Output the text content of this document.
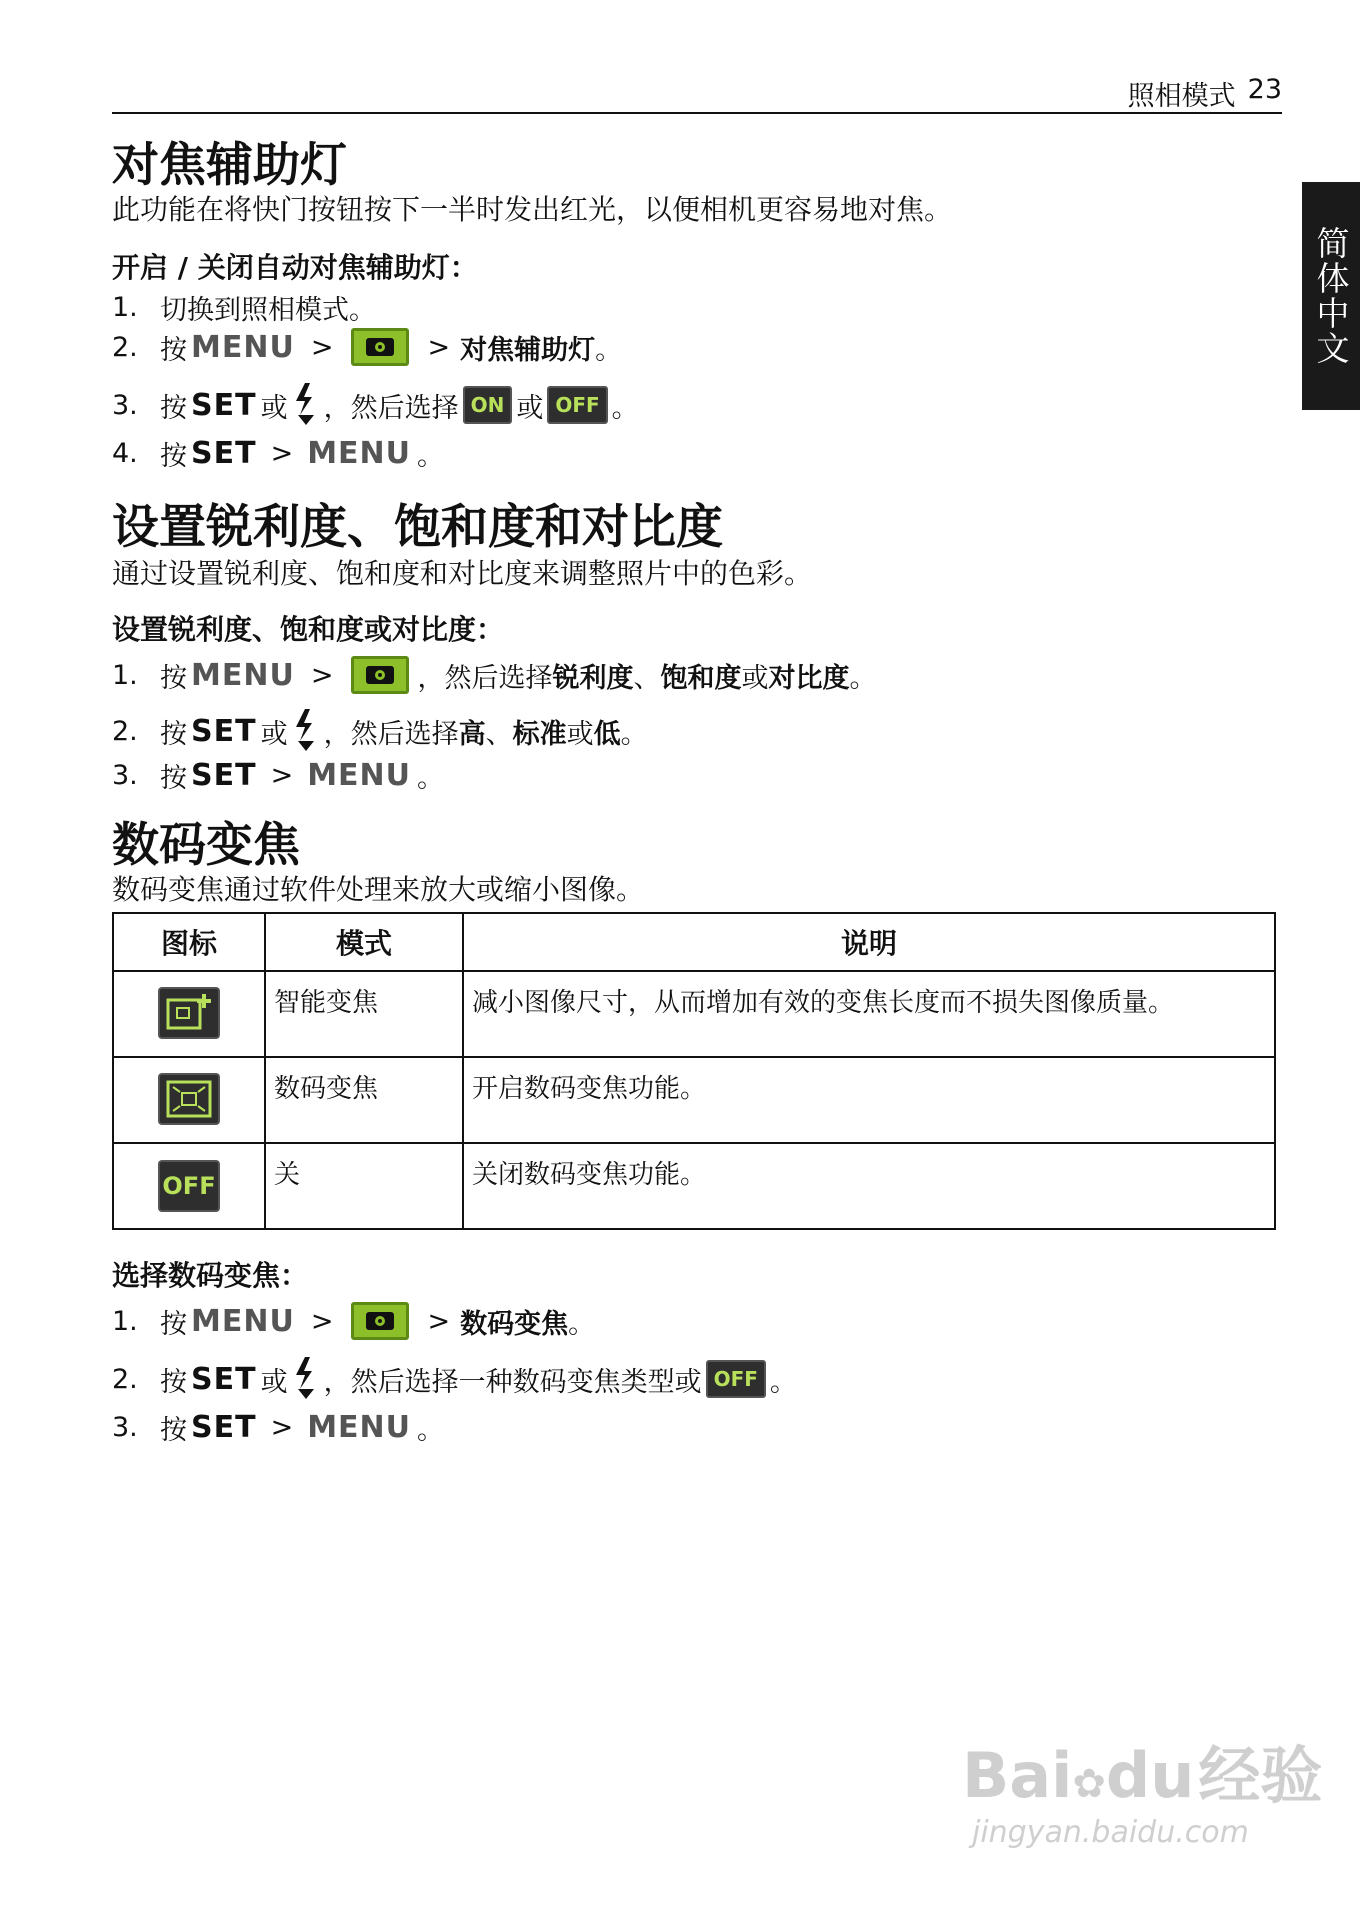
照相模式 23
简体中文
对焦辅助灯
此功能在将快门按钮按下一半时发出红光，以便相机更容易地对焦。
开启 / 关闭自动对焦辅助灯：
1. 切换到照相模式。
2. 按 MENU >	> 对焦辅助灯 。
3. 按 SET 或 ，然后选择 ON 或 OFF 。
4. 按 SET > MENU 。
设置锐利度、饱和度和对比度
通过设置锐利度、饱和度和对比度来调整照片中的色彩。
设置锐利度、饱和度或对比度：
1. 按 MENU >	，然后选择 锐利度 、 饱和度 或 对比度 。
2. 按 SET 或 ，然后选择 高 、 标准 或 低 。
3. 按 SET > MENU 。
数码变焦
数码变焦通过软件处理来放大或缩小图像。
图标	模式	说明

	智能变焦	减小图像尺寸，从而增加有效的变焦长度而不损失图像质量。

	数码变焦	开启数码变焦功能。
OFF	关	关闭数码变焦功能。
选择数码变焦：
1. 按 MENU >	> 数码变焦 。
2. 按 SET 或 ，然后选择一种数码变焦类型或 OFF 。
3. 按 SET > MENU 。
Bai✿du经验
jingyan.baidu.com
